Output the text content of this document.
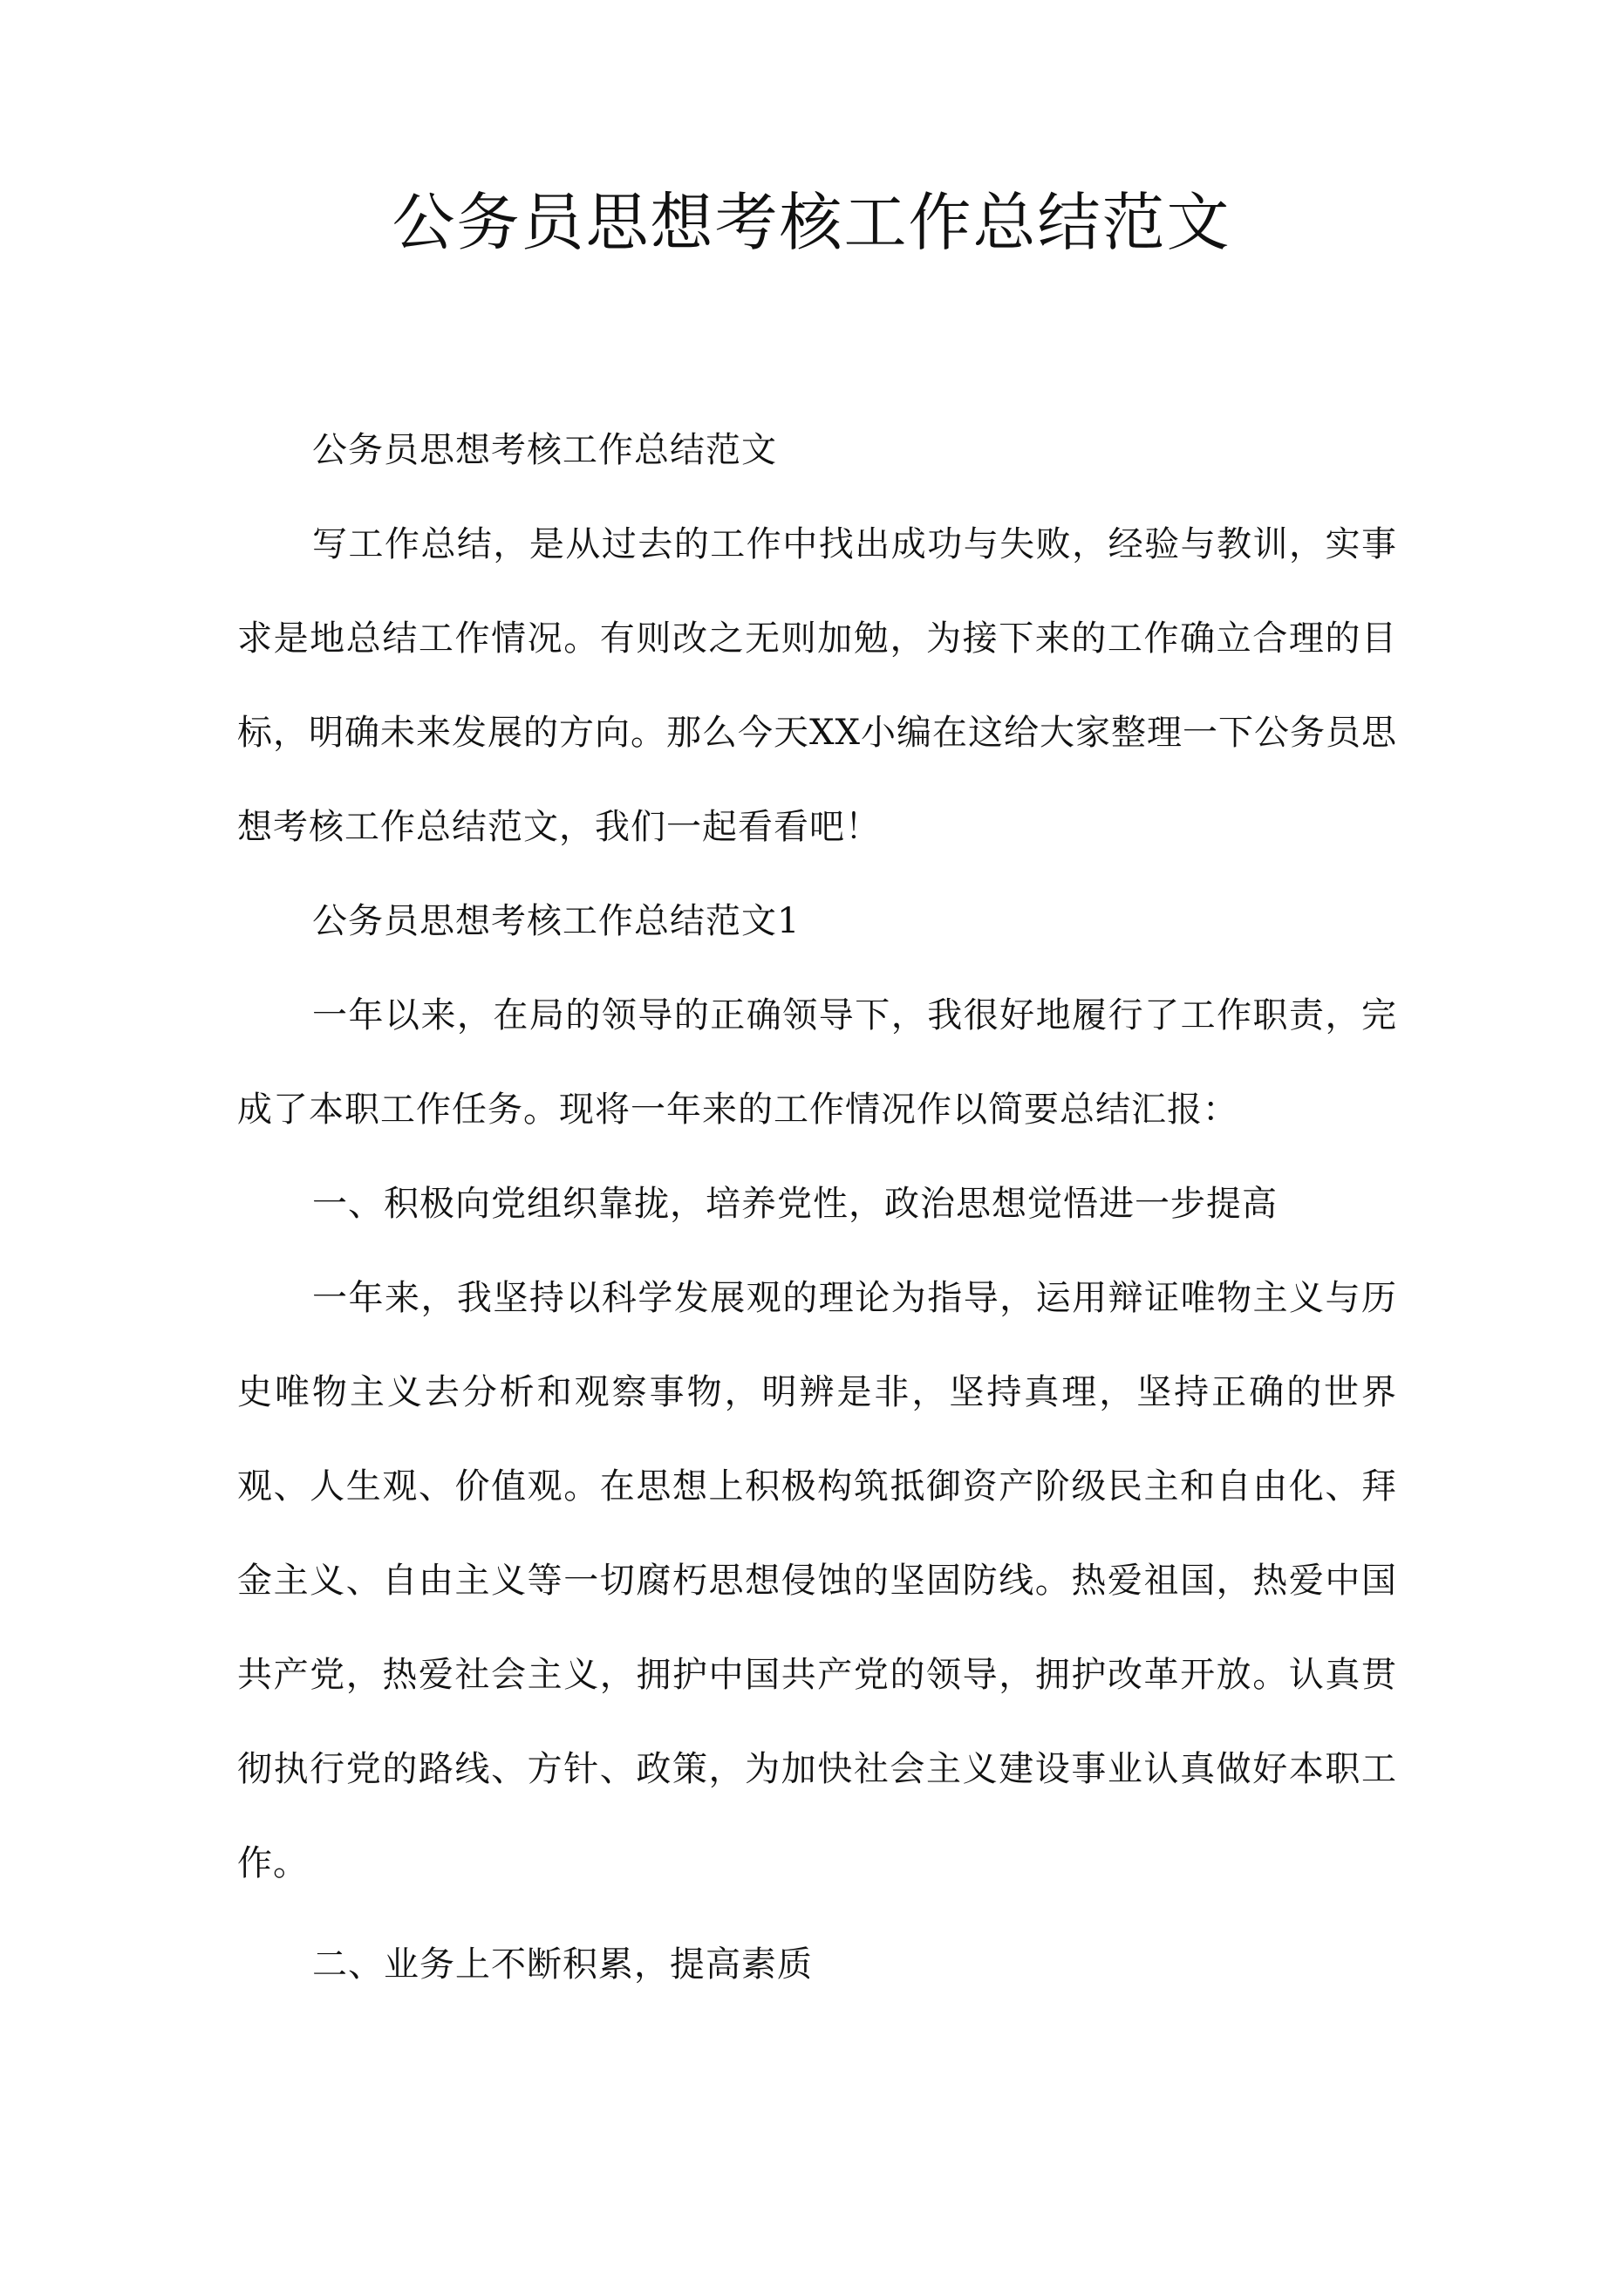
公务员思想考核工作总结范文

公务员思想考核工作总结范文

写工作总结，是从过去的工作中找出成功与失败，经验与教训，实事求是地总结工作情况。有则改之无则加勉，为接下来的工作确立合理的目标，明确未来发展的方向。那么今天XX小编在这给大家整理一下公务员思想考核工作总结范文，我们一起看看吧！

公务员思想考核工作总结范文1

一年以来，在局的领导的正确领导下，我很好地履行了工作职责，完成了本职工作任务。现将一年来的工作情况作以简要总结汇报：

一、积极向党组织靠拢，培养党性，政治思想觉悟进一步提高

一年来，我坚持以科学发展观的理论为指导，运用辩证唯物主义与历史唯物主义去分析和观察事物，明辨是非，坚持真理，坚持正确的世界观、人生观、价值观。在思想上积极构筑抵御资产阶级民主和自由化、拜金主义、自由主义等一切腐朽思想侵蚀的坚固防线。热爱祖国，热爱中国共产党，热爱社会主义，拥护中国共产党的领导，拥护改革开放。认真贯彻执行党的路线、方针、政策，为加快社会主义建设事业认真做好本职工作。

二、业务上不断积累，提高素质
